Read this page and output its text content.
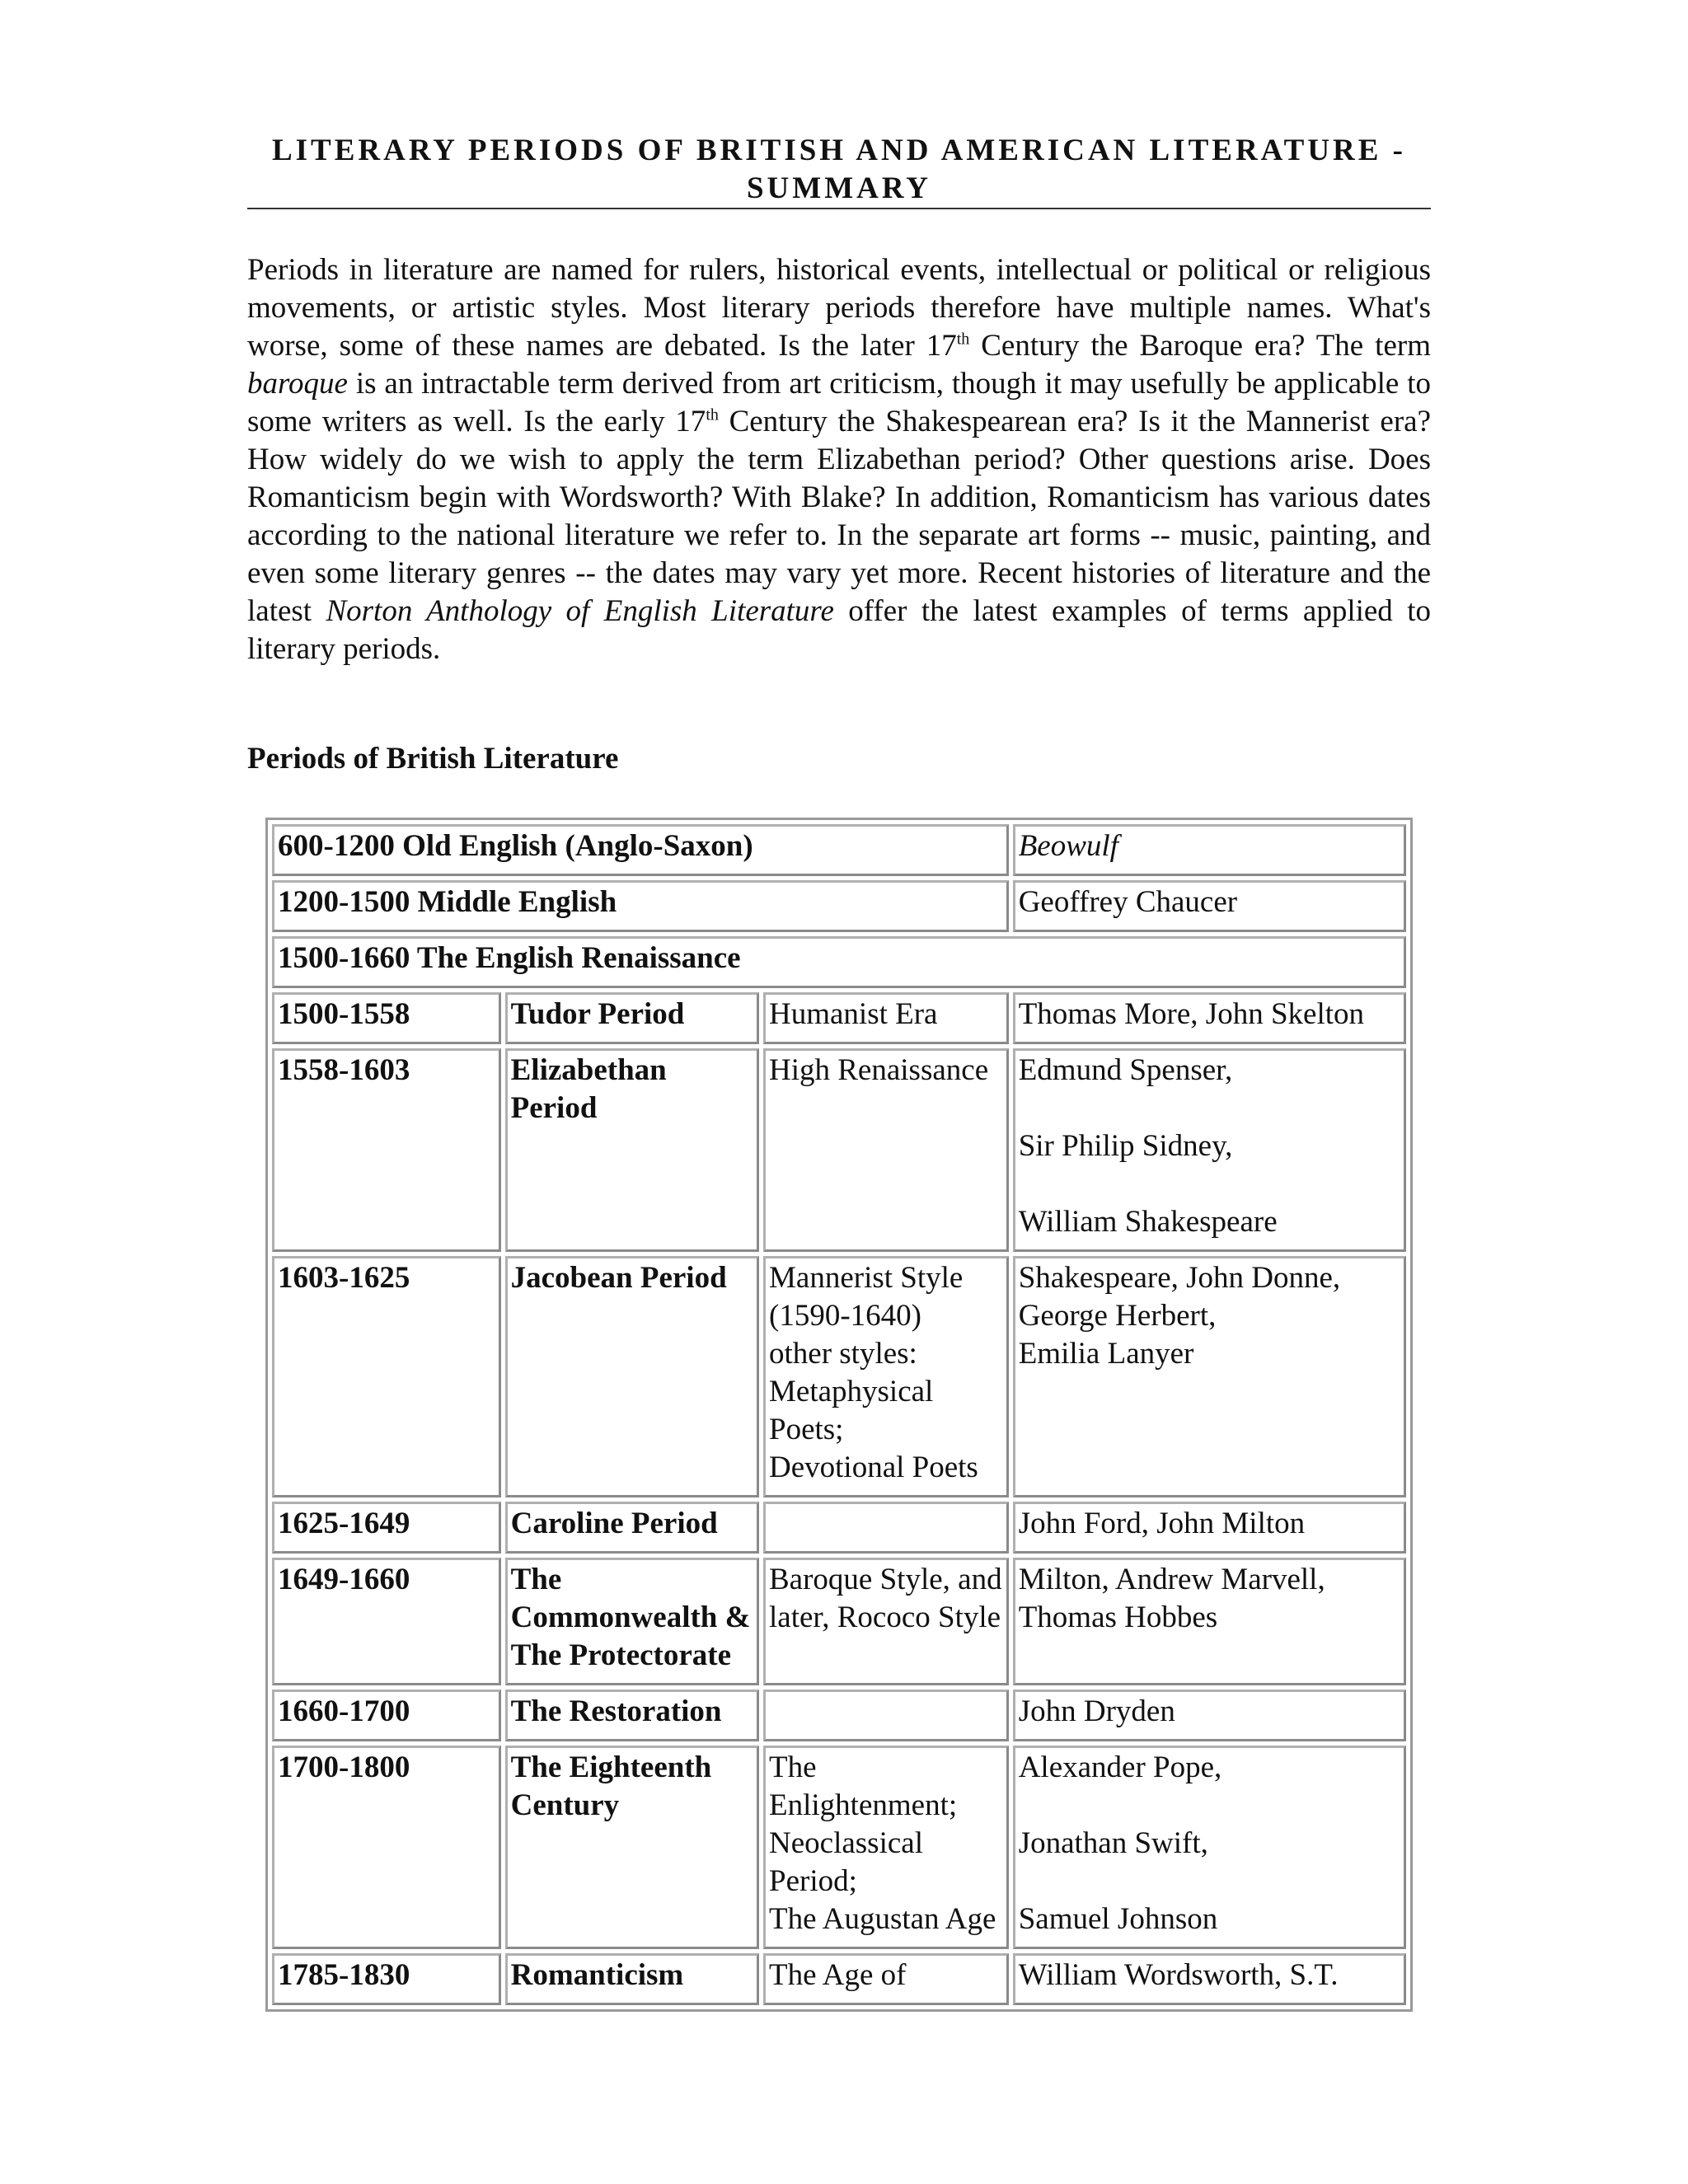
LITERARY PERIODS OF BRITISH AND AMERICAN LITERATURE - SUMMARY

Periods in literature are named for rulers, historical events, intellectual or political or religious movements, or artistic styles. Most literary periods therefore have multiple names. What's worse, some of these names are debated. Is the later 17th Century the Baroque era? The term baroque is an intractable term derived from art criticism, though it may usefully be applicable to some writers as well. Is the early 17th Century the Shakespearean era? Is it the Mannerist era? How widely do we wish to apply the term Elizabethan period? Other questions arise. Does Romanticism begin with Wordsworth? With Blake? In addition, Romanticism has various dates according to the national literature we refer to. In the separate art forms -- music, painting, and even some literary genres -- the dates may vary yet more. Recent histories of literature and the latest Norton Anthology of English Literature offer the latest examples of terms applied to literary periods.

Periods of British Literature
600-1200 Old English (Anglo-Saxon)			Beowulf
1200-1500 Middle English			Geoffrey Chaucer
1500-1660 The English Renaissance			
1500-1558	Tudor Period	Humanist Era	Thomas More, John Skelton
1558-1603	Elizabethan Period	High Renaissance	Edmund Spenser,
Sir Philip Sidney,
William Shakespeare
1603-1625	Jacobean Period	Mannerist Style (1590-1640)
other styles: Metaphysical Poets;
Devotional Poets	Shakespeare, John Donne,
George Herbert,
Emilia Lanyer
1625-1649	Caroline Period		John Ford, John Milton
1649-1660	The Commonwealth & The Protectorate	Baroque Style, and later, Rococo Style	Milton, Andrew Marvell,
Thomas Hobbes
1660-1700	The Restoration		John Dryden
1700-1800	The Eighteenth Century	The Enlightenment;
Neoclassical Period;
The Augustan Age	Alexander Pope,
Jonathan Swift,
Samuel Johnson
1785-1830	Romanticism	The Age of	William Wordsworth, S.T.
